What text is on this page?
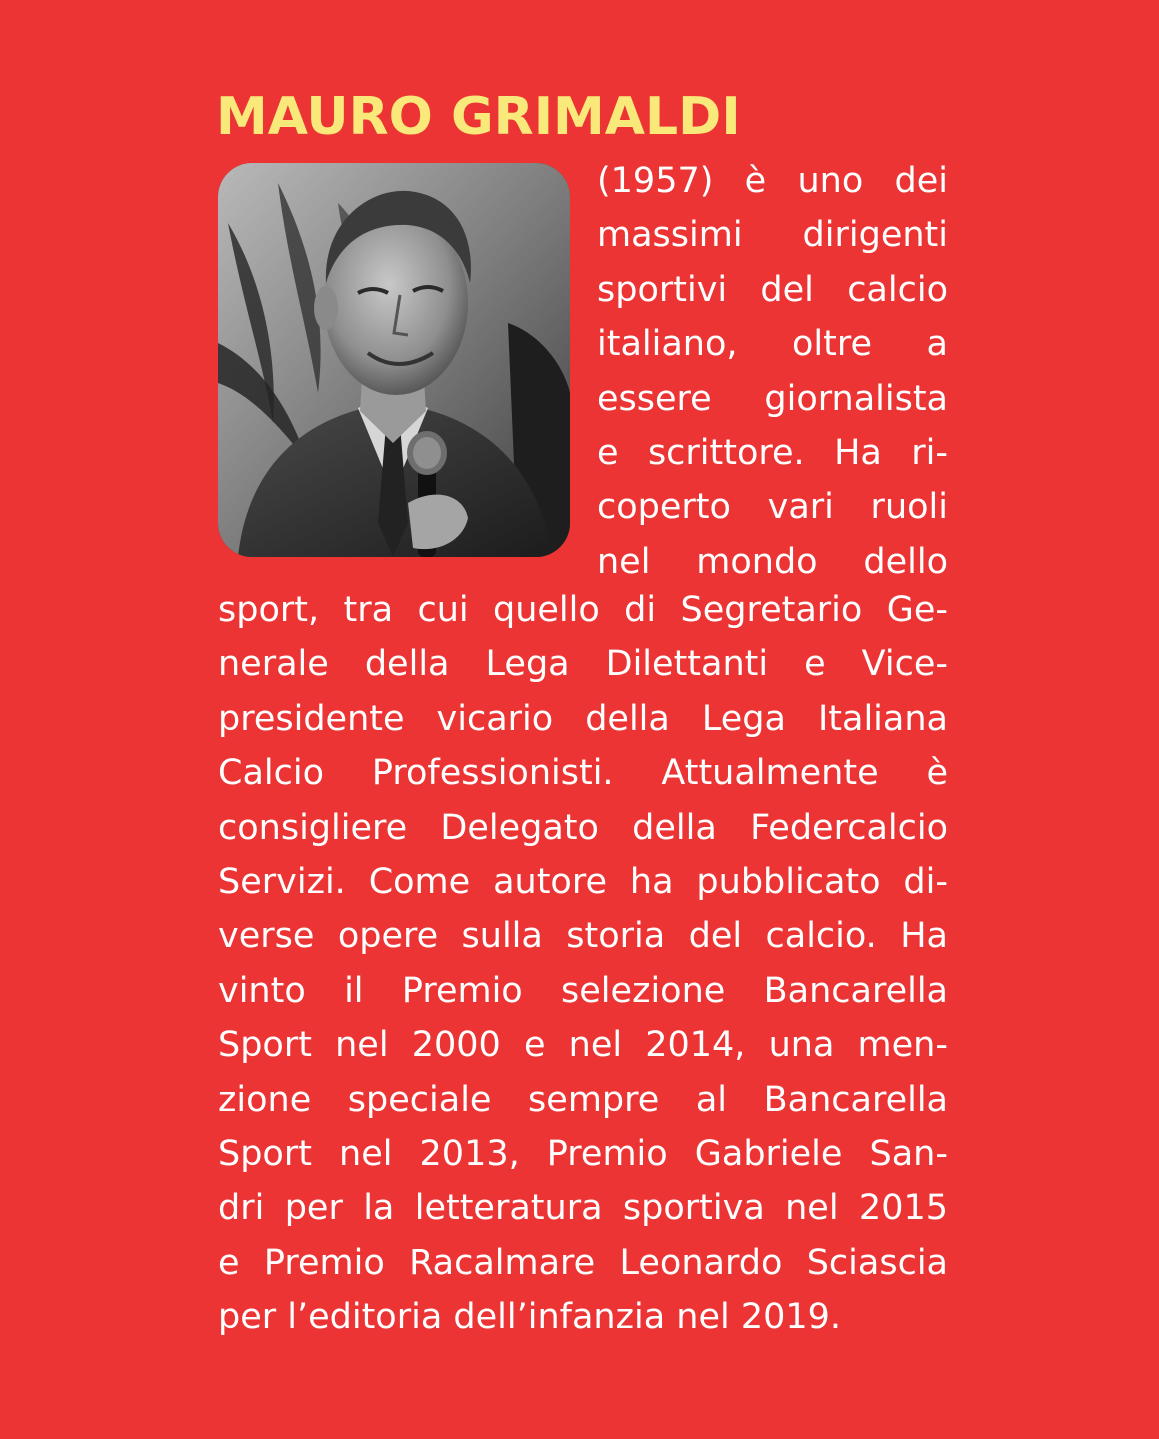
MAURO GRIMALDI
(1957) è uno dei
massimi dirigenti
sportivi del calcio
italiano, oltre a
essere giornalista
e scrittore. Ha ri-
coperto vari ruoli
nel mondo dello
sport, tra cui quello di Segretario Ge-
nerale della Lega Dilettanti e Vice-
presidente vicario della Lega Italiana
Calcio Professionisti. Attualmente è
consigliere Delegato della Federcalcio
Servizi. Come autore ha pubblicato di-
verse opere sulla storia del calcio. Ha
vinto il Premio selezione Bancarella
Sport nel 2000 e nel 2014, una men-
zione speciale sempre al Bancarella
Sport nel 2013, Premio Gabriele San-
dri per la letteratura sportiva nel 2015
e Premio Racalmare Leonardo Sciascia
per l’editoria dell’infanzia nel 2019.
